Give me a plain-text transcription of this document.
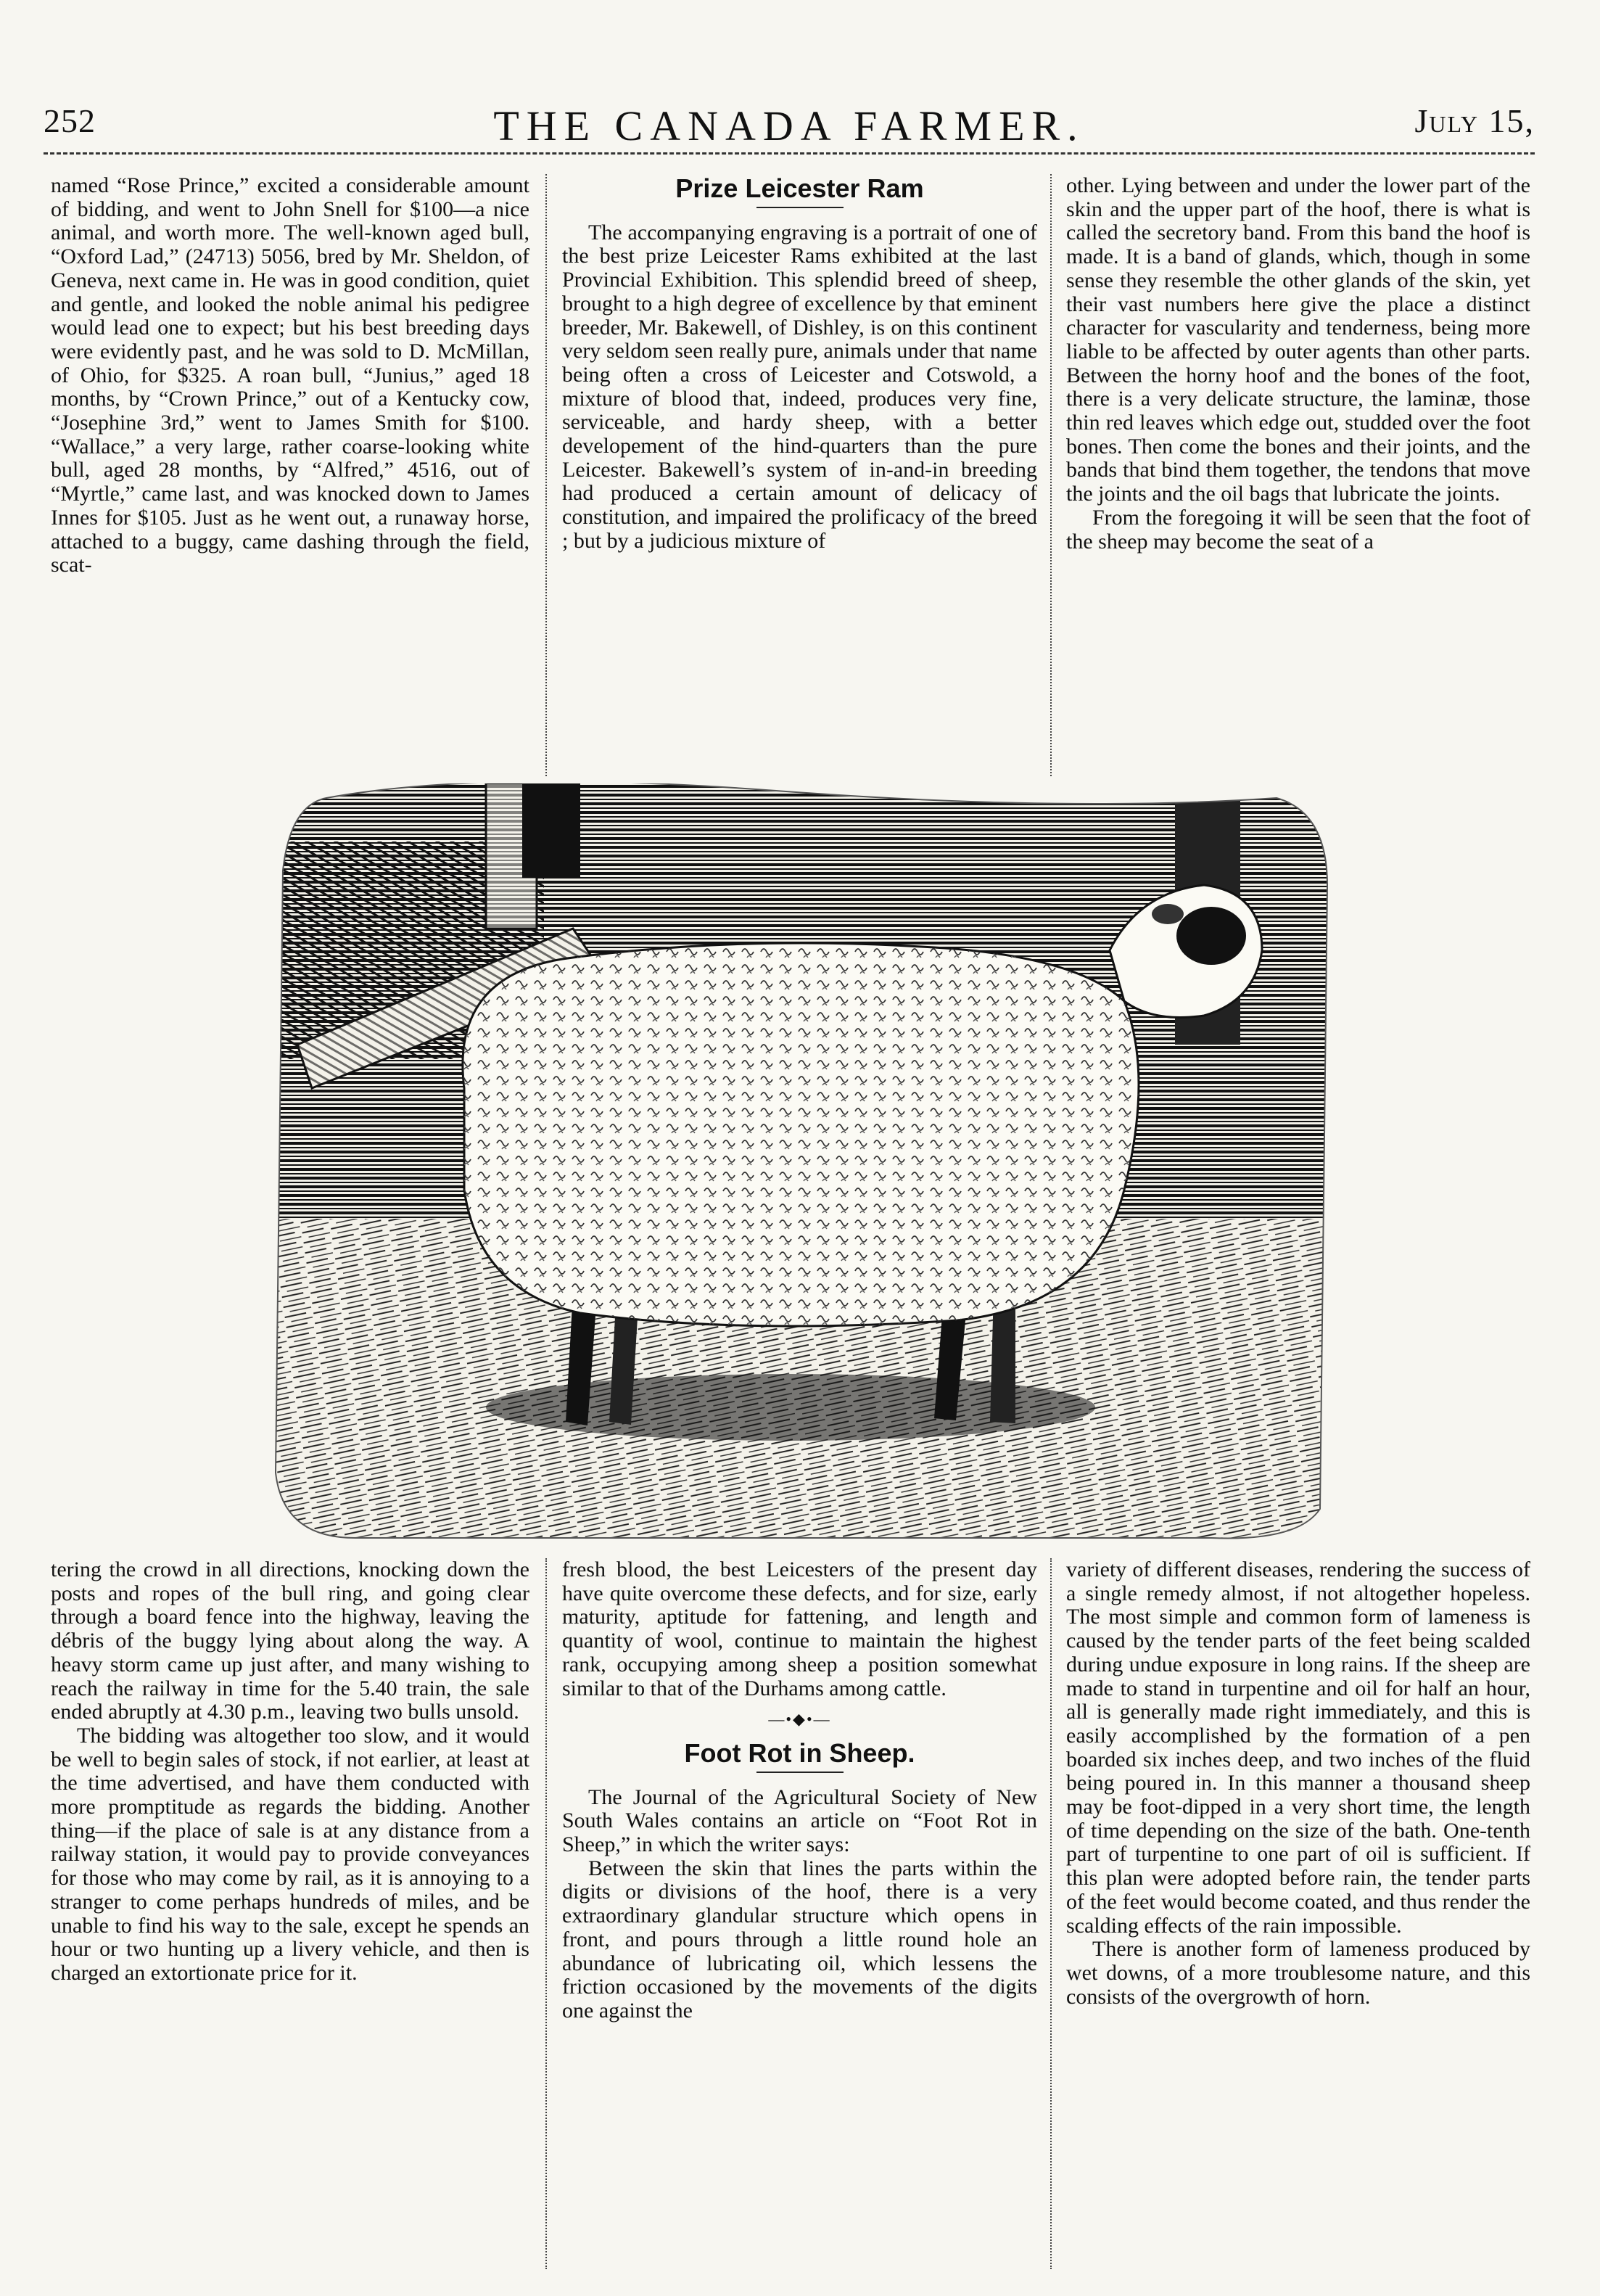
252	THE CANADA FARMER.	July 15,

named “Rose Prince,” excited a considerable amount of bidding, and went to John Snell for $100—a nice animal, and worth more. The well-known aged bull, “Oxford Lad,” (24713) 5056, bred by Mr. Sheldon, of Geneva, next came in. He was in good condition, quiet and gentle, and looked the noble animal his pedigree would lead one to expect; but his best breeding days were evidently past, and he was sold to D. McMillan, of Ohio, for $325. A roan bull, “Junius,” aged 18 months, by “Crown Prince,” out of a Kentucky cow, “Josephine 3rd,” went to James Smith for $100. “Wallace,” a very large, rather coarse-looking white bull, aged 28 months, by “Alfred,” 4516, out of “Myrtle,” came last, and was knocked down to James Innes for $105. Just as he went out, a runaway horse, attached to a buggy, came dashing through the field, scat-

Prize Leicester Ram

The accompanying engraving is a portrait of one of the best prize Leicester Rams exhibited at the last Provincial Exhibition. This splendid breed of sheep, brought to a high degree of excellence by that eminent breeder, Mr. Bakewell, of Dishley, is on this continent very seldom seen really pure, animals under that name being often a cross of Leicester and Cotswold, a mixture of blood that, indeed, produces very fine, serviceable, and hardy sheep, with a better developement of the hind-quarters than the pure Leicester. Bakewell’s system of in-and-in breeding had produced a certain amount of delicacy of constitution, and impaired the prolificacy of the breed ; but by a judicious mixture of

other. Lying between and under the lower part of the skin and the upper part of the hoof, there is what is called the secretory band. From this band the hoof is made. It is a band of glands, which, though in some sense they resemble the other glands of the skin, yet their vast numbers here give the place a distinct character for vascularity and tenderness, being more liable to be affected by outer agents than other parts. Between the horny hoof and the bones of the foot, there is a very delicate structure, the laminæ, those thin red leaves which edge out, studded over the foot bones. Then come the bones and their joints, and the bands that bind them together, the tendons that move the joints and the oil bags that lubricate the joints.

From the foregoing it will be seen that the foot of the sheep may become the seat of a

tering the crowd in all directions, knocking down the posts and ropes of the bull ring, and going clear through a board fence into the highway, leaving the débris of the buggy lying about along the way. A heavy storm came up just after, and many wishing to reach the railway in time for the 5.40 train, the sale ended abruptly at 4.30 p.m., leaving two bulls unsold.

The bidding was altogether too slow, and it would be well to begin sales of stock, if not earlier, at least at the time advertised, and have them conducted with more promptitude as regards the bidding. Another thing—if the place of sale is at any distance from a railway station, it would pay to provide conveyances for those who may come by rail, as it is annoying to a stranger to come perhaps hundreds of miles, and be unable to find his way to the sale, except he spends an hour or two hunting up a livery vehicle, and then is charged an extortionate price for it.

fresh blood, the best Leicesters of the present day have quite overcome these defects, and for size, early maturity, aptitude for fattening, and length and quantity of wool, continue to maintain the highest rank, occupying among sheep a position somewhat similar to that of the Durhams among cattle.

—•◆•—
Foot Rot in Sheep.

The Journal of the Agricultural Society of New South Wales contains an article on “Foot Rot in Sheep,” in which the writer says:

Between the skin that lines the parts within the digits or divisions of the hoof, there is a very extraordinary glandular structure which opens in front, and pours through a little round hole an abundance of lubricating oil, which lessens the friction occasioned by the movements of the digits one against the

variety of different diseases, rendering the success of a single remedy almost, if not altogether hopeless. The most simple and common form of lameness is caused by the tender parts of the feet being scalded during undue exposure in long rains. If the sheep are made to stand in turpentine and oil for half an hour, all is generally made right immediately, and this is easily accomplished by the formation of a pen boarded six inches deep, and two inches of the fluid being poured in. In this manner a thousand sheep may be foot-dipped in a very short time, the length of time depending on the size of the bath. One-tenth part of turpentine to one part of oil is sufficient. If this plan were adopted before rain, the tender parts of the feet would become coated, and thus render the scalding effects of the rain impossible.

There is another form of lameness produced by wet downs, of a more troublesome nature, and this consists of the overgrowth of horn.
